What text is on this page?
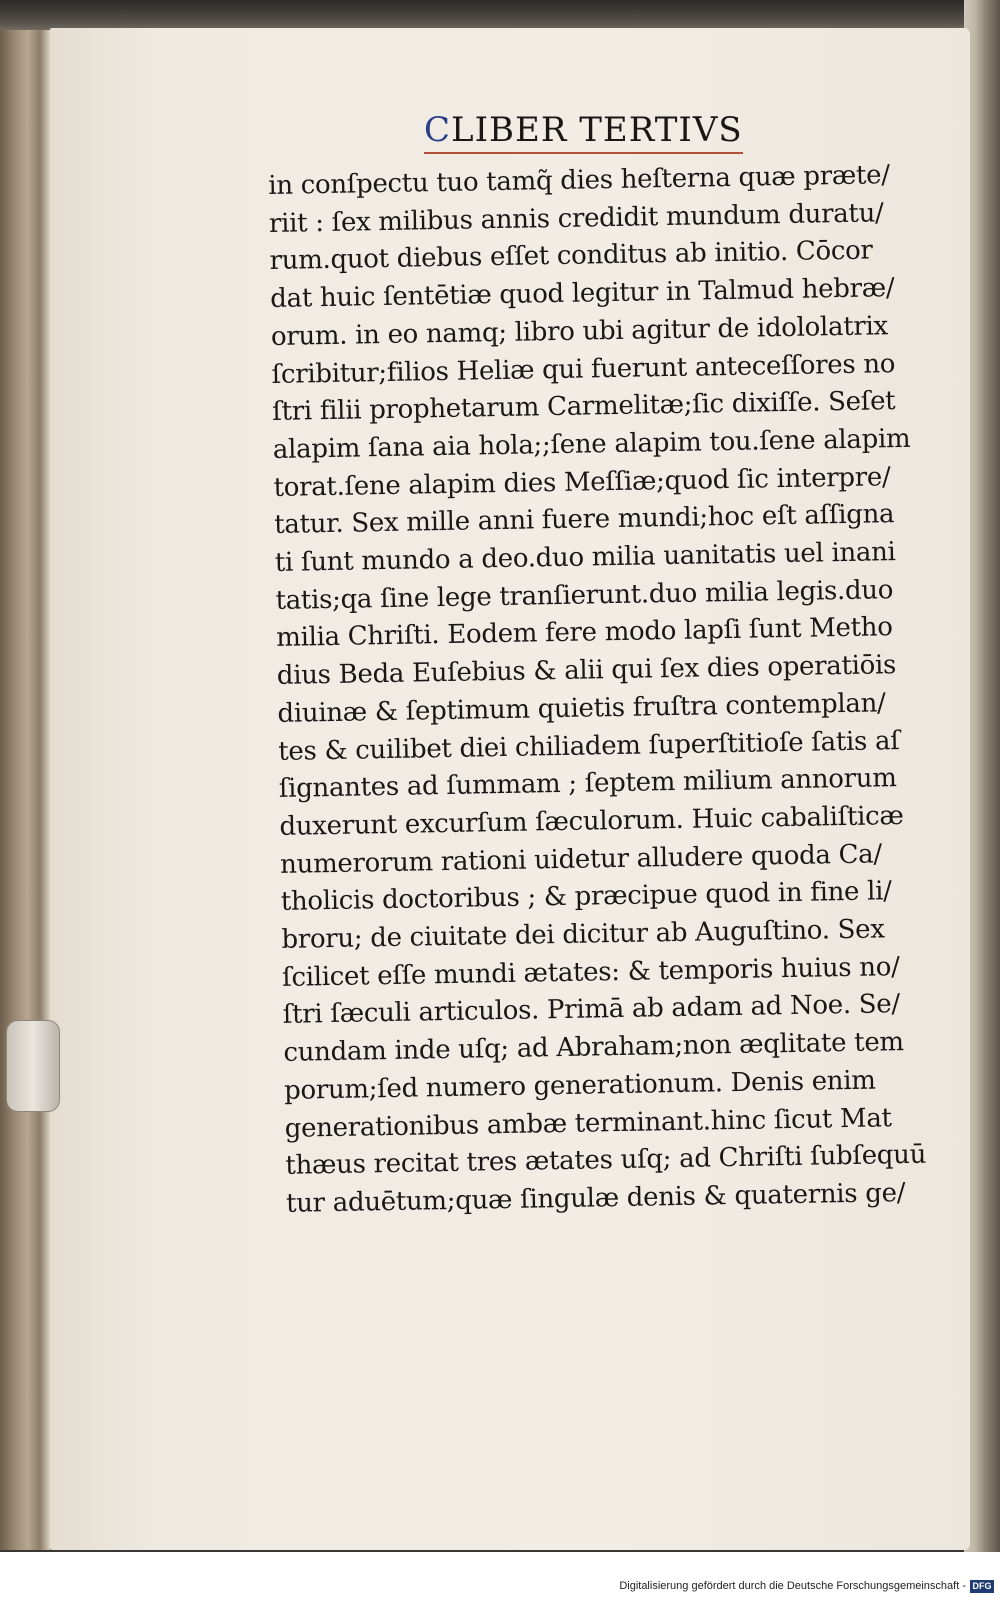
CLIBER TERTIVS
in conſpectu tuo tamq̃ dies heſterna quæ præte/
riit : ſex milibus annis credidit mundum duratu/
rum.quot diebus eſſet conditus ab initio. Cōcor
dat huic ſentētiæ quod legitur in Talmud hebræ/
orum. in eo namq; libro ubi agitur de idololatrix
ſcribitur;filios Heliæ qui fuerunt anteceſſores no
ſtri filii prophetarum Carmelitæ;ſic dixiſſe. Seſet
alapim ſana aia hola;;ſene alapim tou.ſene alapim
torat.ſene alapim dies Meſſiæ;quod ſic interpre/
tatur. Sex mille anni fuere mundi;hoc eſt aſſigna
ti ſunt mundo a deo.duo milia uanitatis uel inani
tatis;qa ſine lege tranſierunt.duo milia legis.duo
milia Chriſti. Eodem fere modo lapſi ſunt Metho
dius Beda Euſebius & alii qui ſex dies operatiōis
diuinæ & ſeptimum quietis fruſtra contemplan/
tes & cuilibet diei chiliadem ſuperſtitioſe ſatis aſ
ſignantes ad ſummam ; ſeptem milium annorum
duxerunt excurſum ſæculorum. Huic cabaliſticæ
numerorum rationi uidetur alludere quoda Ca/
tholicis doctoribus ; & præcipue quod in fine li/
broru; de ciuitate dei dicitur ab Auguſtino. Sex
ſcilicet eſſe mundi ætates: & temporis huius no/
ſtri ſæculi articulos. Primā ab adam ad Noe. Se/
cundam inde uſq; ad Abraham;non æqlitate tem
porum;ſed numero generationum. Denis enim
generationibus ambæ terminant.hinc ſicut Mat
thæus recitat tres ætates uſq; ad Chriſti ſubſequū
tur aduētum;quæ ſingulæ denis & quaternis ge/
Digitalisierung gefördert durch die Deutsche Forschungsgemeinschaft - DFG
